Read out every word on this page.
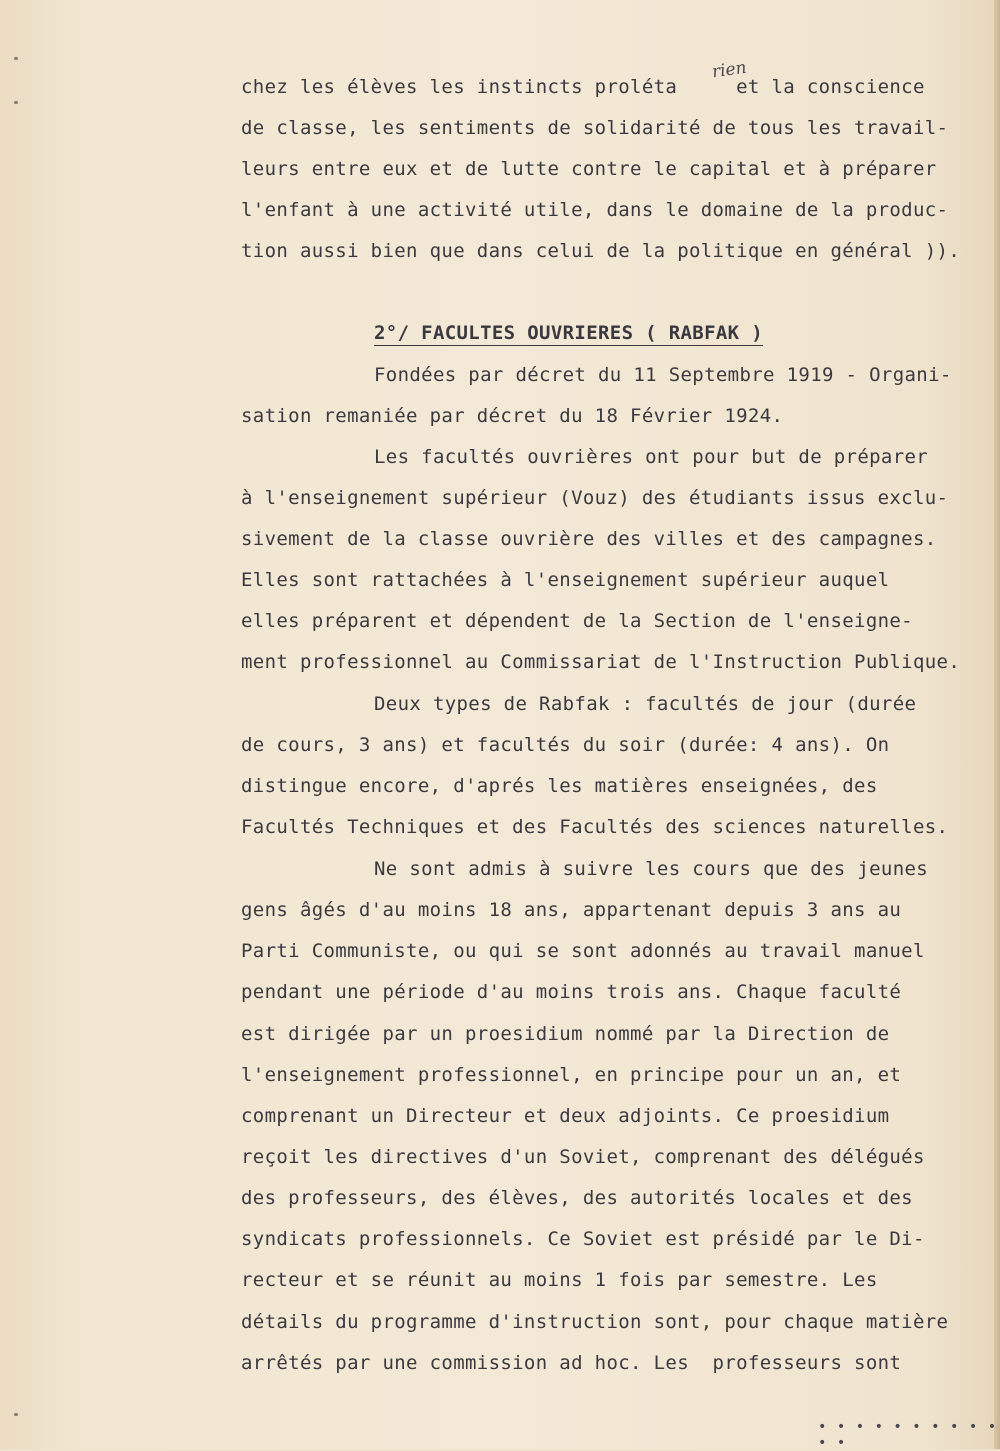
rien

chez les élèves les instincts proléta     et la conscience

de classe, les sentiments de solidarité de tous les travail-

leurs entre eux et de lutte contre le capital et à préparer

l'enfant à une activité utile, dans le domaine de la produc-

tion aussi bien que dans celui de la politique en général )).

2°/ FACULTES OUVRIERES ( RABFAK )

Fondées par décret du 11 Septembre 1919 - Organi-

sation remaniée par décret du 18 Février 1924.

Les facultés ouvrières ont pour but de préparer

à l'enseignement supérieur (Vouz) des étudiants issus exclu-

sivement de la classe ouvrière des villes et des campagnes.

Elles sont rattachées à l'enseignement supérieur auquel

elles préparent et dépendent de la Section de l'enseigne-

ment professionnel au Commissariat de l'Instruction Publique.

Deux types de Rabfak : facultés de jour (durée

de cours, 3 ans) et facultés du soir (durée: 4 ans). On

distingue encore, d'aprés les matières enseignées, des

Facultés Techniques et des Facultés des sciences naturelles.

Ne sont admis à suivre les cours que des jeunes

gens âgés d'au moins 18 ans, appartenant depuis 3 ans au

Parti Communiste, ou qui se sont adonnés au travail manuel

pendant une période d'au moins trois ans. Chaque faculté

est dirigée par un proesidium nommé par la Direction de

l'enseignement professionnel, en principe pour un an, et

comprenant un Directeur et deux adjoints. Ce proesidium

reçoit les directives d'un Soviet, comprenant des délégués

des professeurs, des élèves, des autorités locales et des

syndicats professionnels. Ce Soviet est présidé par le Di-

recteur et se réunit au moins 1 fois par semestre. Les

détails du programme d'instruction sont, pour chaque matière

arrêtés par une commission ad hoc. Les  professeurs sont

• • • • • • • • • • • •
